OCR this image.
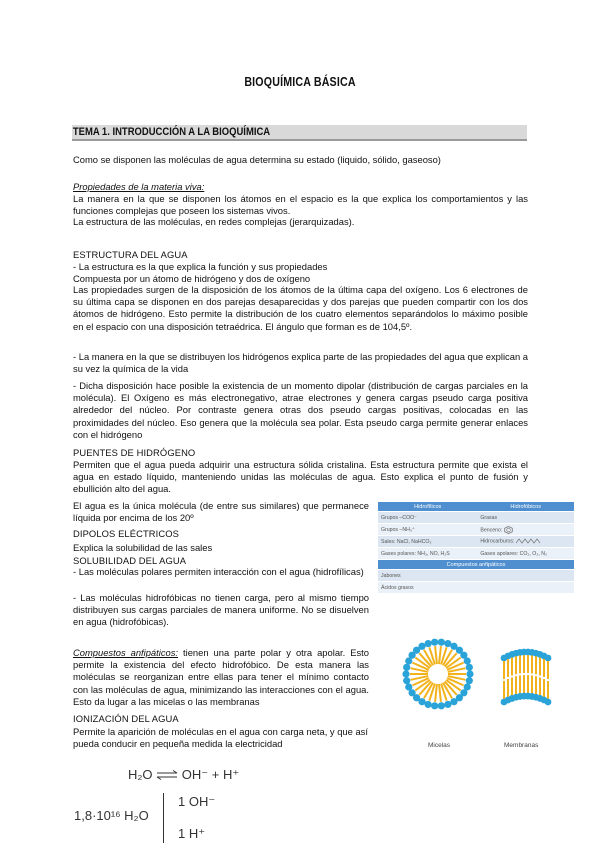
BIOQUÍMICA BÁSICA
TEMA 1. INTRODUCCIÓN A LA BIOQUÍMICA
Como se disponen las moléculas de agua determina su estado (liquido, sólido, gaseoso)
Propiedades de la materia viva:
La manera en la que se disponen los átomos en el espacio es la que explica los comportamientos y las funciones complejas que poseen los sistemas vivos.
La estructura de las moléculas, en redes complejas (jerarquizadas).
ESTRUCTURA DEL AGUA
- La estructura es la que explica la función y sus propiedades
Compuesta por un átomo de hidrógeno y dos de oxígeno
Las propiedades surgen de la disposición de los átomos de la última capa del oxígeno. Los 6 electrones de su última capa se disponen en dos parejas desaparecidas y dos parejas que pueden compartir con los dos átomos de hidrógeno. Esto permite la distribución de los cuatro elementos separándolos lo máximo posible en el espacio con una disposición tetraédrica. El ángulo que forman es de 104,5º.
- La manera en la que se distribuyen los hidrógenos explica parte de las propiedades del agua que explican a su vez la química de la vida
- Dicha disposición hace posible la existencia de un momento dipolar (distribución de cargas parciales en la molécula). El Oxígeno es más electronegativo, atrae electrones y genera cargas pseudo carga positiva alrededor del núcleo. Por contraste genera otras dos pseudo cargas positivas, colocadas en las proximidades del núcleo. Eso genera que la molécula sea polar. Esta pseudo carga permite generar enlaces con el hidrógeno
PUENTES DE HIDRÓGENO
Permiten que el agua pueda adquirir una estructura sólida cristalina. Esta estructura permite que exista el agua en estado líquido, manteniendo unidas las moléculas de agua. Esto explica el punto de fusión y ebullición alto del agua.
El agua es la única molécula (de entre sus similares) que permanece líquida por encima de los 20º
DIPOLOS ELÉCTRICOS
Explica la solubilidad de las sales
SOLUBILIDAD DEL AGUA
- Las moléculas polares permiten interacción con el agua (hidrofílicas)
- Las moléculas hidrofóbicas no tienen carga, pero al mismo tiempo distribuyen sus cargas parciales de manera uniforme. No se disuelven en agua (hidrofóbicas).
Compuestos anfipáticos: tienen una parte polar y otra apolar. Esto permite la existencia del efecto hidrofóbico. De esta manera las moléculas se reorganizan entre ellas para tener el mínimo contacto con las moléculas de agua, minimizando las interacciones con el agua. Esto da lugar a las micelas o las membranas
IONIZACIÓN DEL AGUA
Permite la aparición de moléculas en el agua con carga neta, y que así pueda conducir en pequeña medida la electricidad
Hidrofílicos	Hidrofóbicos
Grupos –COO⁻	Grasas
Grupos –NH₃⁺	Benceno:
Sales: NaCl, NaHCO₃	Hidrocarburos:
Gases polares: NH₃, NO, H₂S	Gases apolares: CO₂, O₂, N₂
Compuestos anfipáticos	
Jabones	
Ácidos grasos	
Micelas	Membranas
H₂O ⇌ OH⁻ + H⁺
1,8·10¹⁶ H₂O
1 OH⁻
1 H⁺
